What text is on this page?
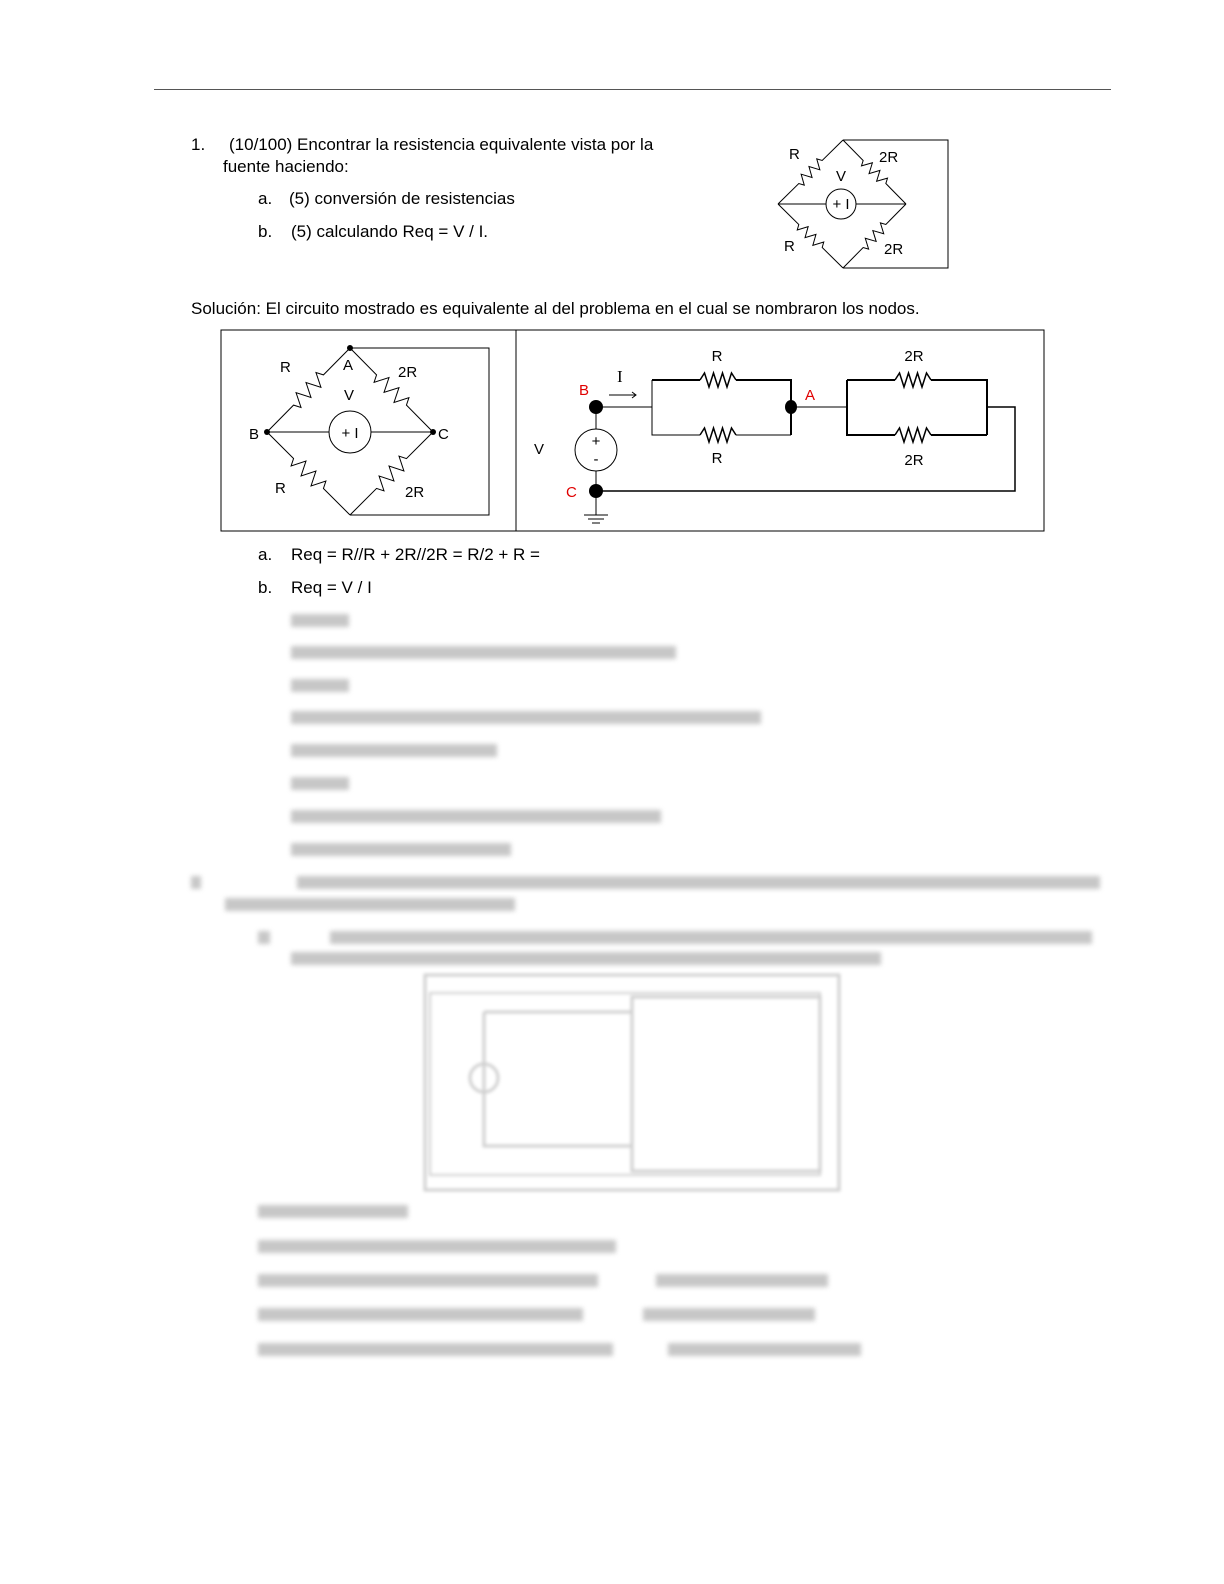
1. (10/100) Encontrar la resistencia equivalente vista por la
fuente haciendo:
a. (5) conversión de resistencias
b. (5) calculando Req = V / I.
Solución: El circuito mostrado es equivalente al del problema en el cual se nombraron los nodos.
a. Req = R//R + 2R//2R = R/2 + R =
b. Req = V / I
+ I
R	2R
V
R	2R
+ I
A
B	C
R	2R
V
R	2R
+
-
I
B	A
C
V
R
R
2R
2R
